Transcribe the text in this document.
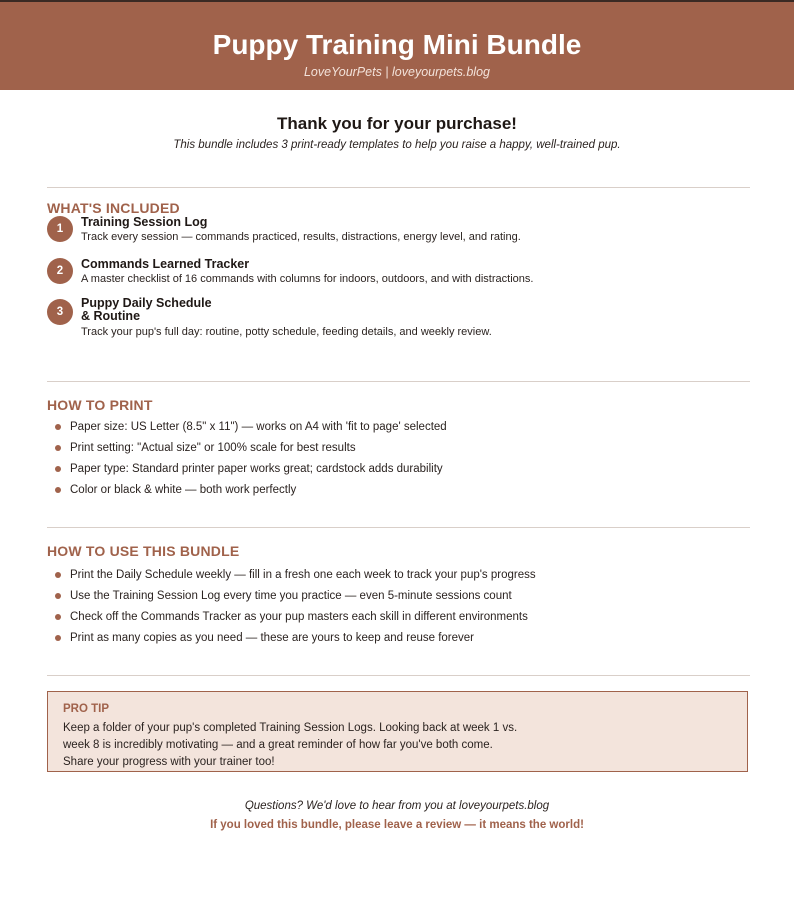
Puppy Training Mini Bundle
LoveYourPets | loveyourpets.blog
Thank you for your purchase!
This bundle includes 3 print-ready templates to help you raise a happy, well-trained pup.
WHAT'S INCLUDED
1	Training Session Log
Track every session — commands practiced, results, distractions, energy level, and rating.
2	Commands Learned Tracker
A master checklist of 16 commands with columns for indoors, outdoors, and with distractions.
3
Puppy Daily Schedule
& Routine
Track your pup's full day: routine, potty schedule, feeding details, and weekly review.
HOW TO PRINT
Paper size: US Letter (8.5" x 11") — works on A4 with 'fit to page' selected
Print setting: "Actual size" or 100% scale for best results
Paper type: Standard printer paper works great; cardstock adds durability
Color or black & white — both work perfectly
HOW TO USE THIS BUNDLE
Print the Daily Schedule weekly — fill in a fresh one each week to track your pup's progress
Use the Training Session Log every time you practice — even 5-minute sessions count
Check off the Commands Tracker as your pup masters each skill in different environments
Print as many copies as you need — these are yours to keep and reuse forever
PRO TIP
Keep a folder of your pup's completed Training Session Logs. Looking back at week 1 vs.
week 8 is incredibly motivating — and a great reminder of how far you've both come.
Share your progress with your trainer too!
Questions? We'd love to hear from you at loveyourpets.blog
If you loved this bundle, please leave a review — it means the world!
